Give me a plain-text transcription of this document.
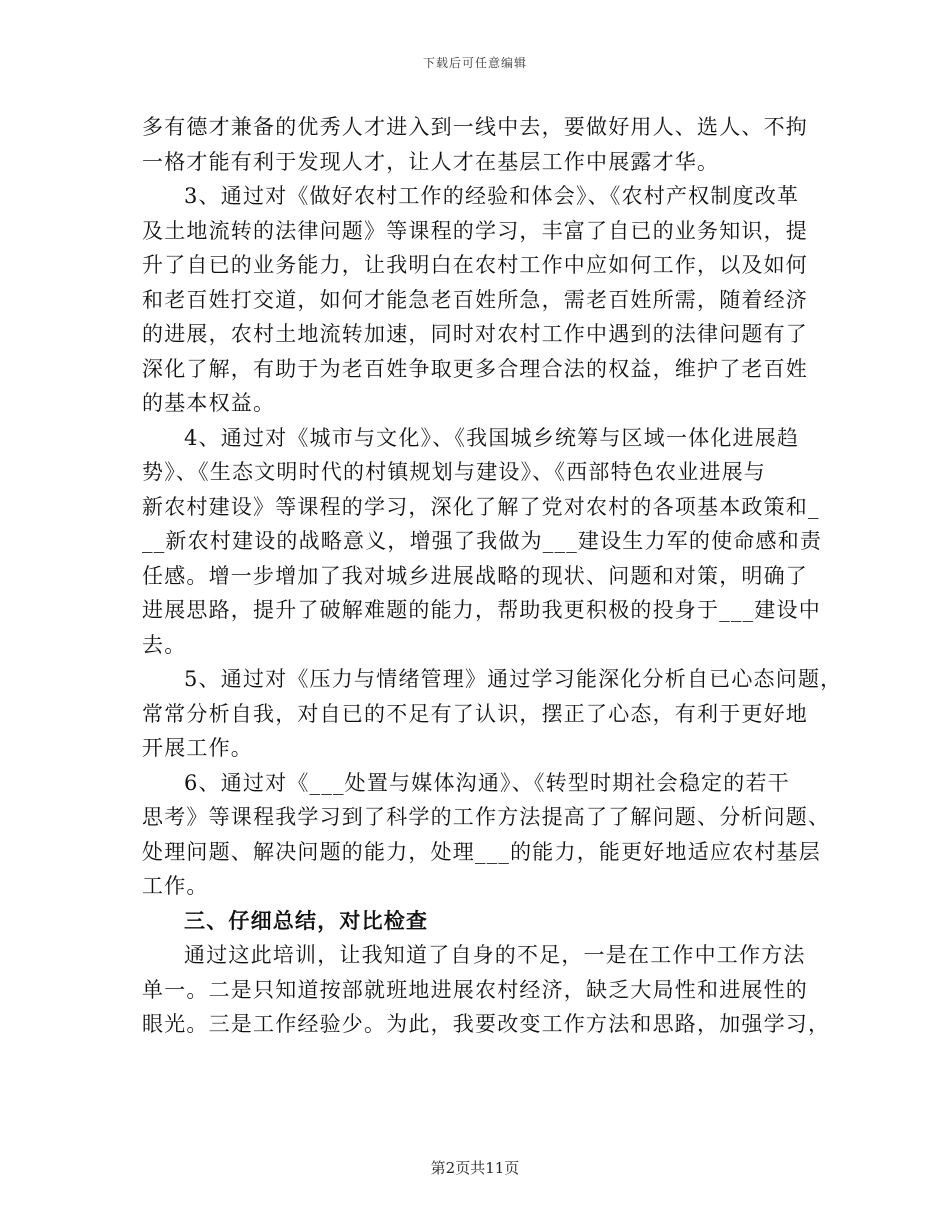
下载后可任意编辑

多有德才兼备的优秀人才进入到一线中去，要做好用人、选人、不拘
一格才能有利于发现人才，让人才在基层工作中展露才华。

3、通过对《做好农村工作的经验和体会》、《农村产权制度改革
及土地流转的法律问题》等课程的学习，丰富了自已的业务知识，提
升了自已的业务能力，让我明白在农村工作中应如何工作，以及如何
和老百姓打交道，如何才能急老百姓所急，需老百姓所需，随着经济
的进展，农村土地流转加速，同时对农村工作中遇到的法律问题有了
深化了解，有助于为老百姓争取更多合理合法的权益，维护了老百姓
的基本权益。

4、通过对《城市与文化》、《我国城乡统筹与区域一体化进展趋
势》、《生态文明时代的村镇规划与建设》、《西部特色农业进展与
新农村建设》等课程的学习，深化了解了党对农村的各项基本政策和_
__新农村建设的战略意义，增强了我做为___建设生力军的使命感和责
任感。增一步增加了我对城乡进展战略的现状、问题和对策，明确了
进展思路，提升了破解难题的能力，帮助我更积极的投身于___建设中
去。

5、通过对《压力与情绪管理》通过学习能深化分析自已心态问题，
常常分析自我，对自已的不足有了认识，摆正了心态，有利于更好地
开展工作。

6、通过对《___处置与媒体沟通》、《转型时期社会稳定的若干
思考》等课程我学习到了科学的工作方法提高了了解问题、分析问题、
处理问题、解决问题的能力，处理___的能力，能更好地适应农村基层
工作。

三、仔细总结，对比检查

通过这此培训，让我知道了自身的不足，一是在工作中工作方法
单一。二是只知道按部就班地进展农村经济，缺乏大局性和进展性的
眼光。三是工作经验少。为此，我要改变工作方法和思路，加强学习，

第2页共11页
